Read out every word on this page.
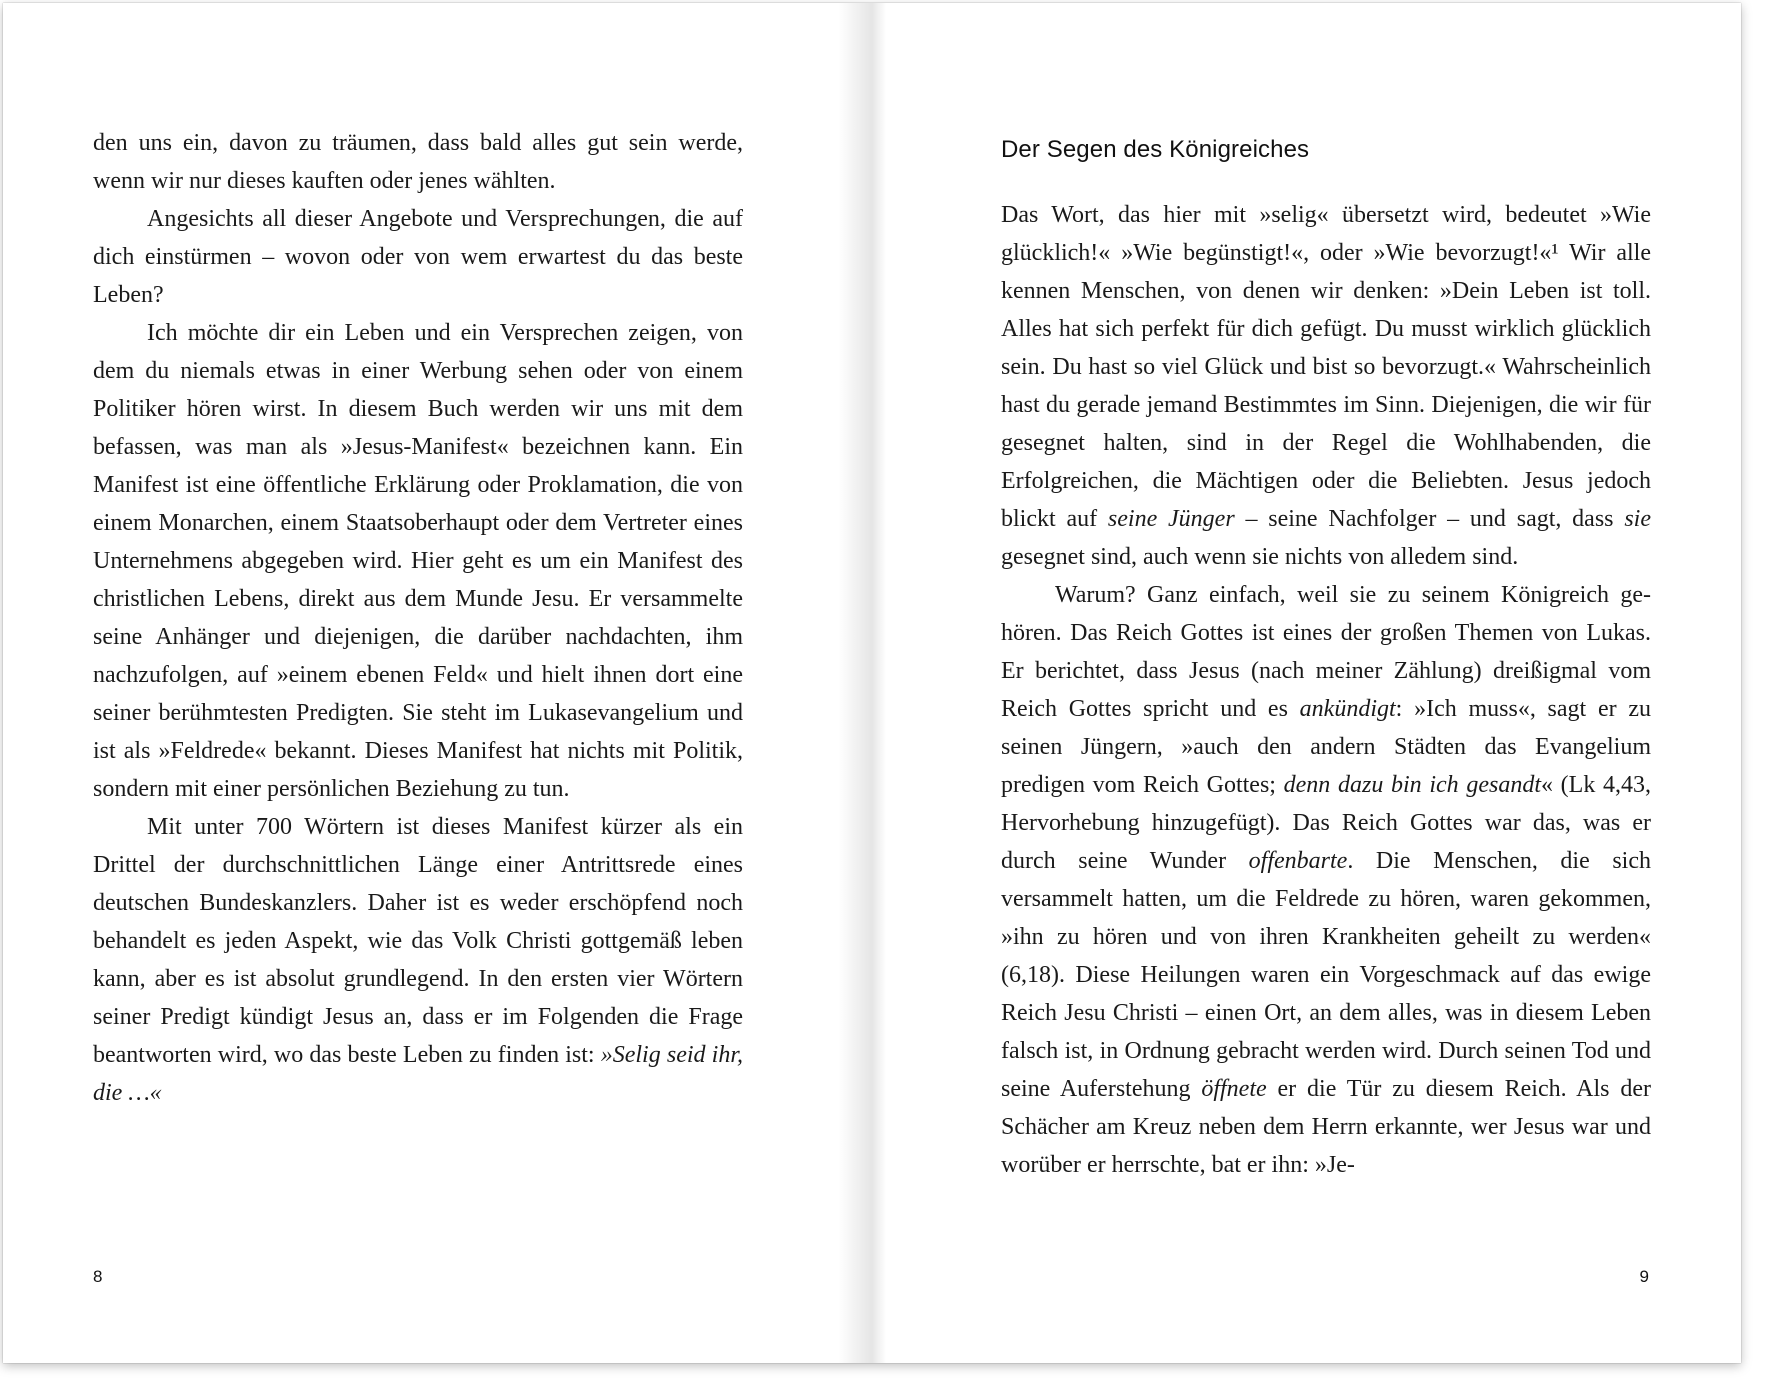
den uns ein, davon zu träumen, dass bald alles gut sein werde, wenn wir nur dieses kauften oder jenes wählten.

Angesichts all dieser Angebote und Versprechungen, die auf dich einstürmen – wovon oder von wem erwartest du das beste Leben?

Ich möchte dir ein Leben und ein Versprechen zeigen, von dem du niemals etwas in einer Werbung sehen oder von einem Politiker hören wirst. In diesem Buch werden wir uns mit dem befassen, was man als »Jesus-Manifest« bezeichnen kann. Ein Manifest ist eine öffentliche Erklärung oder Proklamation, die von einem Monarchen, einem Staatsoberhaupt oder dem Vertreter eines Unternehmens abgegeben wird. Hier geht es um ein Manifest des christlichen Lebens, direkt aus dem Munde Jesu. Er versammelte seine Anhänger und diejenigen, die darüber nachdachten, ihm nachzufolgen, auf »einem ebenen Feld« und hielt ihnen dort eine seiner berühmtesten Predigten. Sie steht im Lukasevangelium und ist als »Feldrede« bekannt. Dieses Manifest hat nichts mit Politik, sondern mit einer persönlichen Beziehung zu tun.

Mit unter 700 Wörtern ist dieses Manifest kürzer als ein Drittel der durchschnittlichen Länge einer Antrittsrede eines deutschen Bundeskanzlers. Daher ist es weder erschöpfend noch behandelt es jeden Aspekt, wie das Volk Christi gottgemäß leben kann, aber es ist absolut grundlegend. In den ersten vier Wörtern seiner Predigt kündigt Jesus an, dass er im Folgenden die Frage beantworten wird, wo das beste Leben zu finden ist: »Selig seid ihr, die …«

8
Der Segen des Königreiches

Das Wort, das hier mit »selig« übersetzt wird, bedeutet »Wie glücklich!« »Wie begünstigt!«, oder »Wie bevorzugt!«¹ Wir alle kennen Menschen, von denen wir denken: »Dein Leben ist toll. Alles hat sich perfekt für dich gefügt. Du musst wirklich glücklich sein. Du hast so viel Glück und bist so bevorzugt.« Wahrscheinlich hast du gerade jemand Bestimmtes im Sinn. Diejenigen, die wir für gesegnet halten, sind in der Regel die Wohlhabenden, die Erfolgreichen, die Mächtigen oder die Beliebten. Jesus jedoch blickt auf seine Jünger – seine Nachfolger – und sagt, dass sie gesegnet sind, auch wenn sie nichts von alledem sind.

Warum? Ganz einfach, weil sie zu seinem Königreich gehören. Das Reich Gottes ist eines der großen Themen von Lukas. Er berichtet, dass Jesus (nach meiner Zählung) dreißigmal vom Reich Gottes spricht und es ankündigt: »Ich muss«, sagt er zu seinen Jüngern, »auch den andern Städten das Evangelium predigen vom Reich Gottes; denn dazu bin ich gesandt« (Lk 4,43, Hervorhebung hinzugefügt). Das Reich Gottes war das, was er durch seine Wunder offenbarte. Die Menschen, die sich versammelt hatten, um die Feldrede zu hören, waren gekommen, »ihn zu hören und von ihren Krankheiten geheilt zu werden« (6,18). Diese Heilungen waren ein Vorgeschmack auf das ewige Reich Jesu Christi – einen Ort, an dem alles, was in diesem Leben falsch ist, in Ordnung gebracht werden wird. Durch seinen Tod und seine Auferstehung öffnete er die Tür zu diesem Reich. Als der Schächer am Kreuz neben dem Herrn erkannte, wer Jesus war und worüber er herrschte, bat er ihn: »Je-

9
